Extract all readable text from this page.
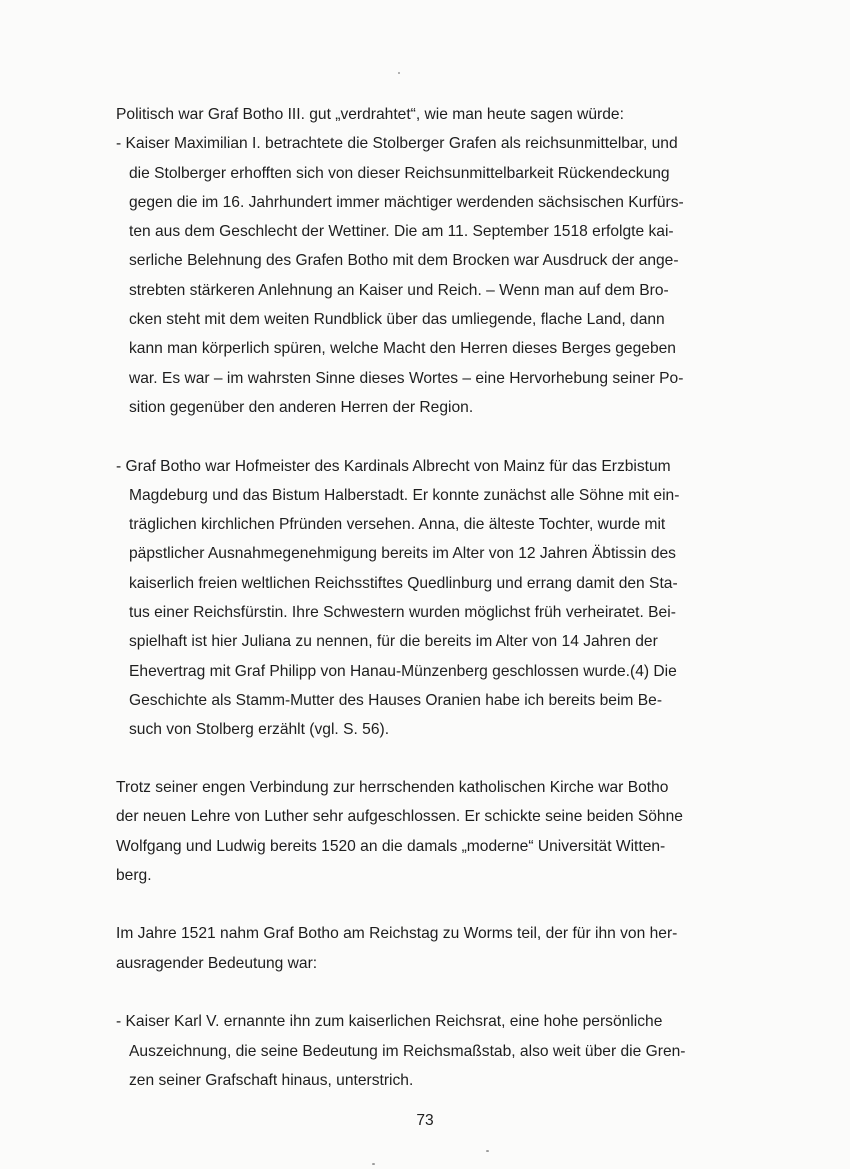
Politisch war Graf Botho III. gut „verdrahtet“, wie man heute sagen würde:

- Kaiser Maximilian I. betrachtete die Stolberger Grafen als reichsunmittelbar, und
die Stolberger erhofften sich von dieser Reichsunmittelbarkeit Rückendeckung
gegen die im 16. Jahrhundert immer mächtiger werdenden sächsischen Kurfürs-
ten aus dem Geschlecht der Wettiner. Die am 11. September 1518 erfolgte kai-
serliche Belehnung des Grafen Botho mit dem Brocken war Ausdruck der ange-
strebten stärkeren Anlehnung an Kaiser und Reich. – Wenn man auf dem Bro-
cken steht mit dem weiten Rundblick über das umliegende, flache Land, dann
kann man körperlich spüren, welche Macht den Herren dieses Berges gegeben
war. Es war – im wahrsten Sinne dieses Wortes – eine Hervorhebung seiner Po-
sition gegenüber den anderen Herren der Region.

- Graf Botho war Hofmeister des Kardinals Albrecht von Mainz für das Erzbistum
Magdeburg und das Bistum Halberstadt. Er konnte zunächst alle Söhne mit ein-
träglichen kirchlichen Pfründen versehen. Anna, die älteste Tochter, wurde mit
päpstlicher Ausnahmegenehmigung bereits im Alter von 12 Jahren Äbtissin des
kaiserlich freien weltlichen Reichsstiftes Quedlinburg und errang damit den Sta-
tus einer Reichsfürstin. Ihre Schwestern wurden möglichst früh verheiratet. Bei-
spielhaft ist hier Juliana zu nennen, für die bereits im Alter von 14 Jahren der
Ehevertrag mit Graf Philipp von Hanau-Münzenberg geschlossen wurde.(4) Die
Geschichte als Stamm-Mutter des Hauses Oranien habe ich bereits beim Be-
such von Stolberg erzählt (vgl. S. 56).

Trotz seiner engen Verbindung zur herrschenden katholischen Kirche war Botho
der neuen Lehre von Luther sehr aufgeschlossen. Er schickte seine beiden Söhne
Wolfgang und Ludwig bereits 1520 an die damals „moderne“ Universität Witten-
berg.

Im Jahre 1521 nahm Graf Botho am Reichstag zu Worms teil, der für ihn von her-
ausragender Bedeutung war:

- Kaiser Karl V. ernannte ihn zum kaiserlichen Reichsrat, eine hohe persönliche
Auszeichnung, die seine Bedeutung im Reichsmaßstab, also weit über die Gren-
zen seiner Grafschaft hinaus, unterstrich.

73
